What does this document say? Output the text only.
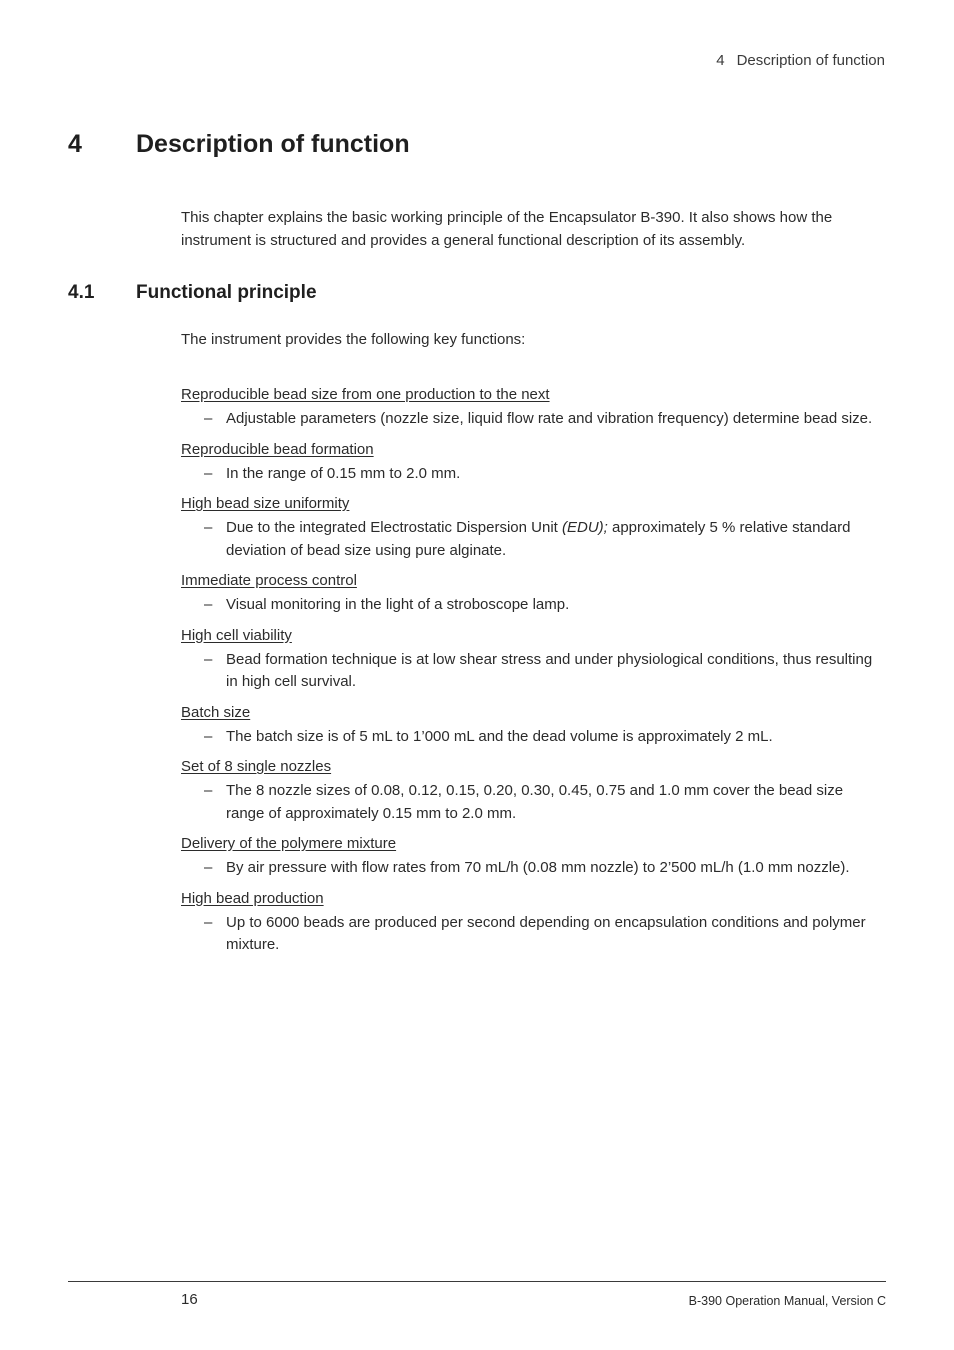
4 Description of function
4 Description of function

This chapter explains the basic working principle of the Encapsulator B-390. It also shows how the instrument is structured and provides a general functional description of its assembly.

4.1 Functional principle

The instrument provides the following key functions:

Reproducible bead size from one production to the next
– Adjustable parameters (nozzle size, liquid flow rate and vibration frequency) determine bead size.
Reproducible bead formation
– In the range of 0.15 mm to 2.0 mm.
High bead size uniformity
– Due to the integrated Electrostatic Dispersion Unit (EDU); approximately 5 % relative standard deviation of bead size using pure alginate.
Immediate process control
– Visual monitoring in the light of a stroboscope lamp.
High cell viability
– Bead formation technique is at low shear stress and under physiological conditions, thus resulting in high cell survival.
Batch size
– The batch size is of 5 mL to 1’000 mL and the dead volume is approximately 2 mL.
Set of 8 single nozzles
– The 8 nozzle sizes of 0.08, 0.12, 0.15, 0.20, 0.30, 0.45, 0.75 and 1.0 mm cover the bead size range of approximately 0.15 mm to 2.0 mm.
Delivery of the polymere mixture
– By air pressure with flow rates from 70 mL/h (0.08 mm nozzle) to 2’500 mL/h (1.0 mm nozzle).
High bead production
– Up to 6000 beads are produced per second depending on encapsulation conditions and polymer mixture.
16	B-390 Operation Manual, Version C
